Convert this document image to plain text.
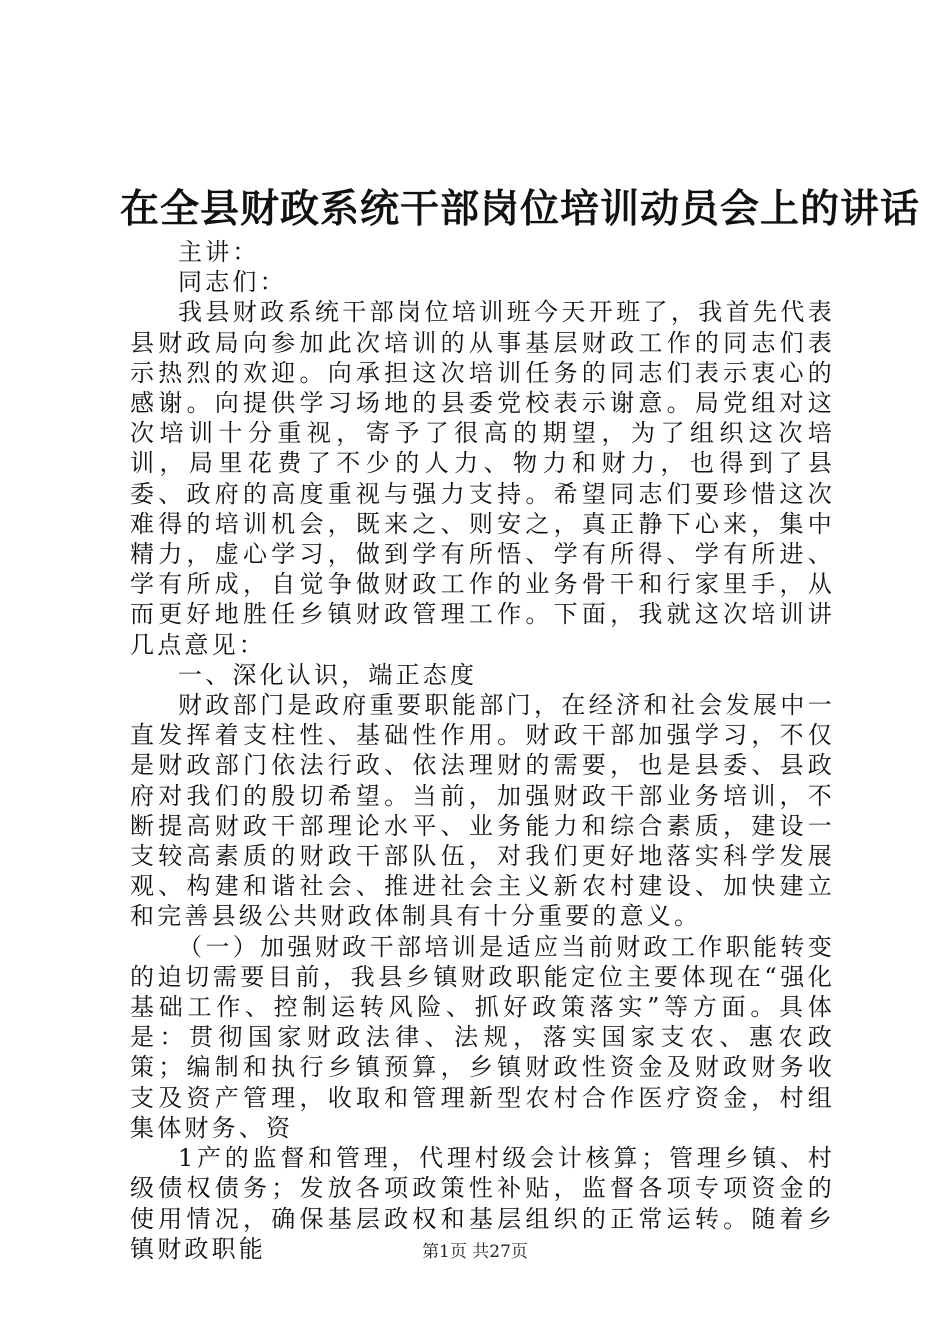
在全县财政系统干部岗位培训动员会上的讲话

主讲：

同志们：

我县财政系统干部岗位培训班今天开班了，我首先代表县财政局向参加此次培训的从事基层财政工作的同志们表示热烈的欢迎。向承担这次培训任务的同志们表示衷心的感谢。向提供学习场地的县委党校表示谢意。局党组对这次培训十分重视，寄予了很高的期望，为了组织这次培训，局里花费了不少的人力、物力和财力，也得到了县委、政府的高度重视与强力支持。希望同志们要珍惜这次难得的培训机会，既来之、则安之，真正静下心来，集中精力，虚心学习，做到学有所悟、学有所得、学有所进、学有所成，自觉争做财政工作的业务骨干和行家里手，从而更好地胜任乡镇财政管理工作。下面，我就这次培训讲几点意见：

一、深化认识，端正态度

财政部门是政府重要职能部门，在经济和社会发展中一直发挥着支柱性、基础性作用。财政干部加强学习，不仅是财政部门依法行政、依法理财的需要，也是县委、县政府对我们的殷切希望。当前，加强财政干部业务培训，不断提高财政干部理论水平、业务能力和综合素质，建设一支较高素质的财政干部队伍，对我们更好地落实科学发展观、构建和谐社会、推进社会主义新农村建设、加快建立和完善县级公共财政体制具有十分重要的意义。

（一）加强财政干部培训是适应当前财政工作职能转变的迫切需要目前，我县乡镇财政职能定位主要体现在“强化基础工作、控制运转风险、抓好政策落实”等方面。具体是：贯彻国家财政法律、法规，落实国家支农、惠农政策；编制和执行乡镇预算，乡镇财政性资金及财政财务收支及资产管理，收取和管理新型农村合作医疗资金，村组集体财务、资

1产的监督和管理，代理村级会计核算；管理乡镇、村级债权债务；发放各项政策性补贴，监督各项专项资金的使用情况，确保基层政权和基层组织的正常运转。随着乡镇财政职能	第1页 共27页
